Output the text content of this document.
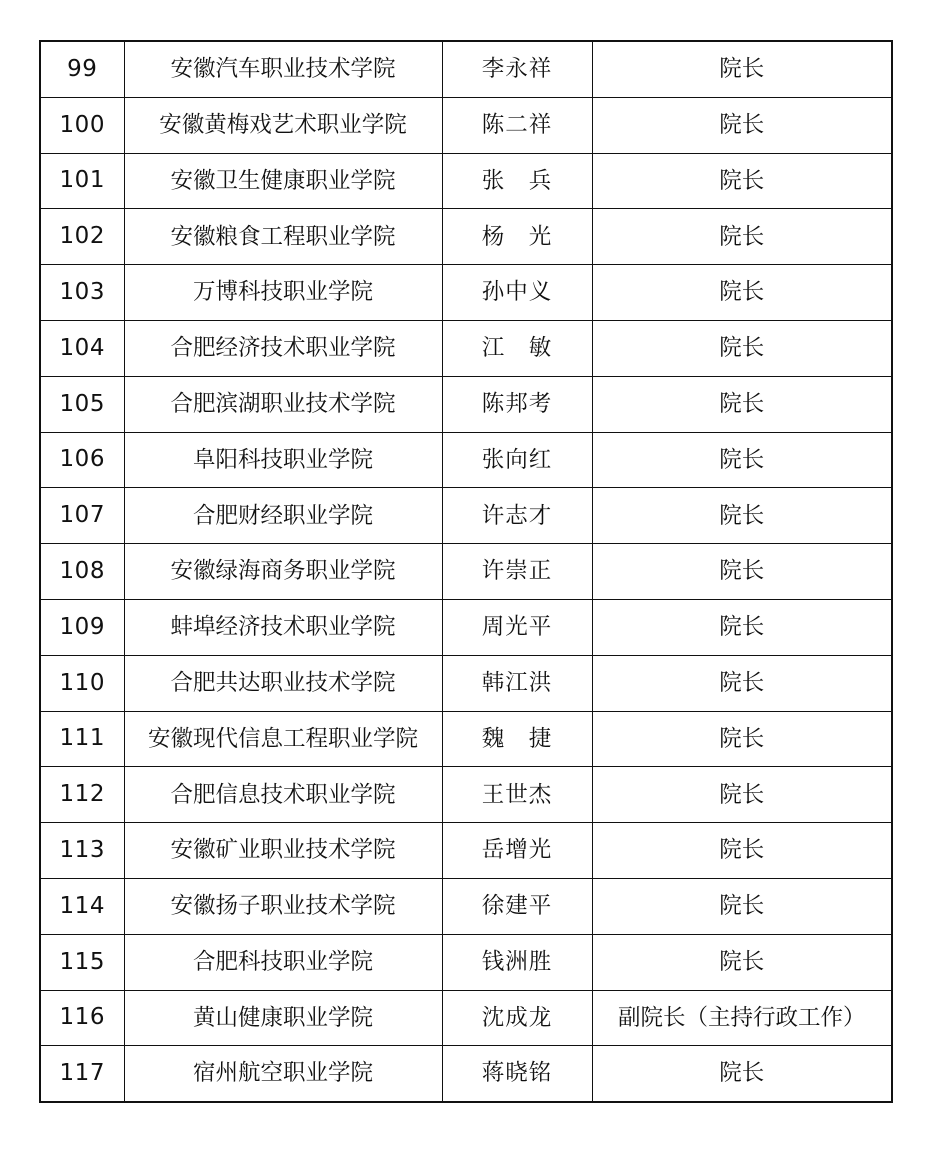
99	安徽汽车职业技术学院	李永祥	院长
100	安徽黄梅戏艺术职业学院	陈二祥	院长
101	安徽卫生健康职业学院	张　兵	院长
102	安徽粮食工程职业学院	杨　光	院长
103	万博科技职业学院	孙中义	院长
104	合肥经济技术职业学院	江　敏	院长
105	合肥滨湖职业技术学院	陈邦考	院长
106	阜阳科技职业学院	张向红	院长
107	合肥财经职业学院	许志才	院长
108	安徽绿海商务职业学院	许崇正	院长
109	蚌埠经济技术职业学院	周光平	院长
110	合肥共达职业技术学院	韩江洪	院长
111	安徽现代信息工程职业学院	魏　捷	院长
112	合肥信息技术职业学院	王世杰	院长
113	安徽矿业职业技术学院	岳增光	院长
114	安徽扬子职业技术学院	徐建平	院长
115	合肥科技职业学院	钱洲胜	院长
116	黄山健康职业学院	沈成龙	副院长（主持行政工作）
117	宿州航空职业学院	蒋晓铭	院长
